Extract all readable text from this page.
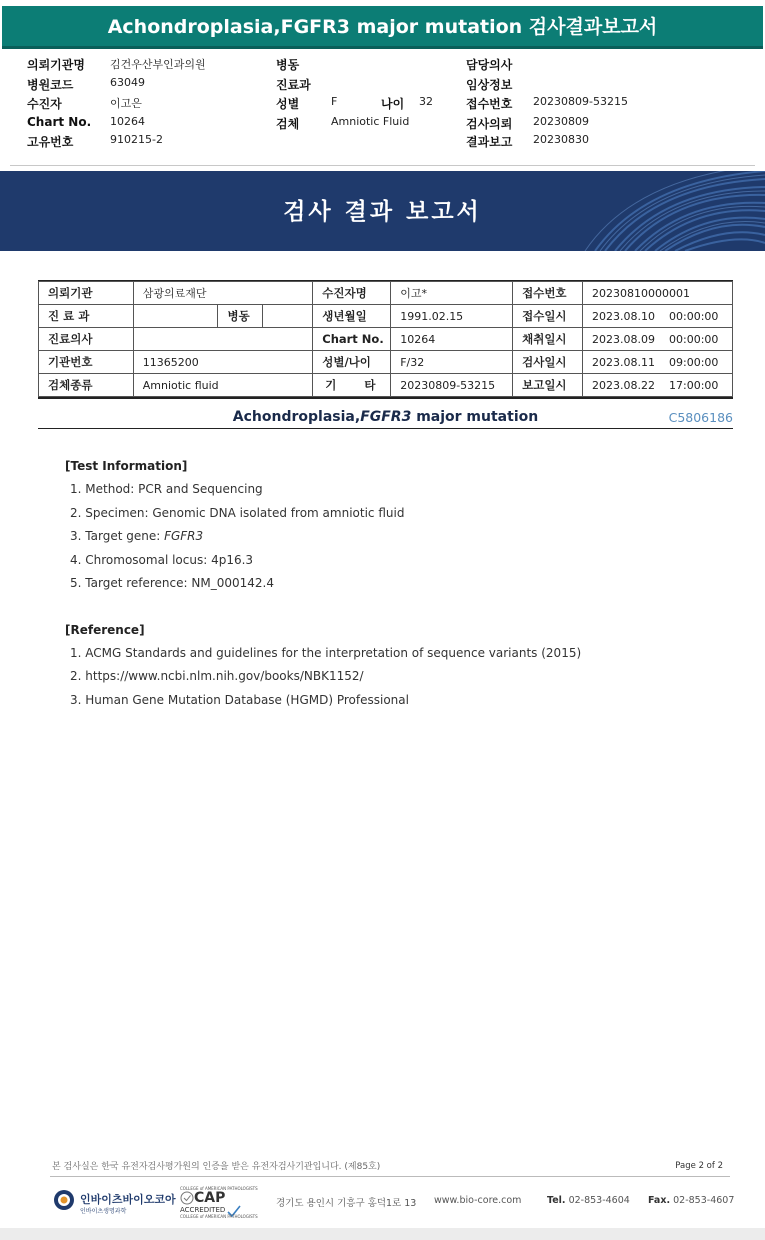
Achondroplasia,FGFR3 major mutation 검사결과보고서
의뢰기관명 김건우산부인과의원	병동	담당의사
병원코드	63049	진료과	임상정보
수진자	이고은	성별	F	나이 32	접수번호 20230809-53215
Chart No. 10264	검체	Amniotic Fluid	검사의뢰 20230809
고유번호	910215-2	결과보고 20230830
검사 결과 보고서
의뢰기관	삼광의료재단			수진자명	이고*	접수번호	20230810000001
진 료 과		병동		생년월일	1991.02.15	접수일시	2023.08.10 00:00:00
진료의사				Chart No.	10264	채취일시	2023.08.09 00:00:00
기관번호	11365200			성별/나이	F/32	검사일시	2023.08.11 09:00:00
검체종류	Amniotic fluid			기 타	20230809-53215	보고일시	2023.08.22 17:00:00
Achondroplasia,FGFR3 major mutation	C5806186
[Test Information]
1. Method: PCR and Sequencing
2. Specimen: Genomic DNA isolated from amniotic fluid
3. Target gene: FGFR3
4. Chromosomal locus: 4p16.3
5. Target reference: NM_000142.4
[Reference]
1. ACMG Standards and guidelines for the interpretation of sequence variants (2015)
2. https://www.ncbi.nlm.nih.gov/books/NBK1152/
3. Human Gene Mutation Database (HGMD) Professional
본 검사실은 한국 유전자검사평가원의 인증을 받은 유전자검사기관입니다. (제85호)	Page 2 of 2
인바이츠바이오코아
인바이츠생명과학
COLLEGE of AMERICAN PATHOLOGISTS
CAP
ACCREDITED
COLLEGE of AMERICAN PATHOLOGISTS
경기도 용인시 기흥구 홍덕1로 13 www.bio-core.com	Tel. 02-853-4604 Fax. 02-853-4607
